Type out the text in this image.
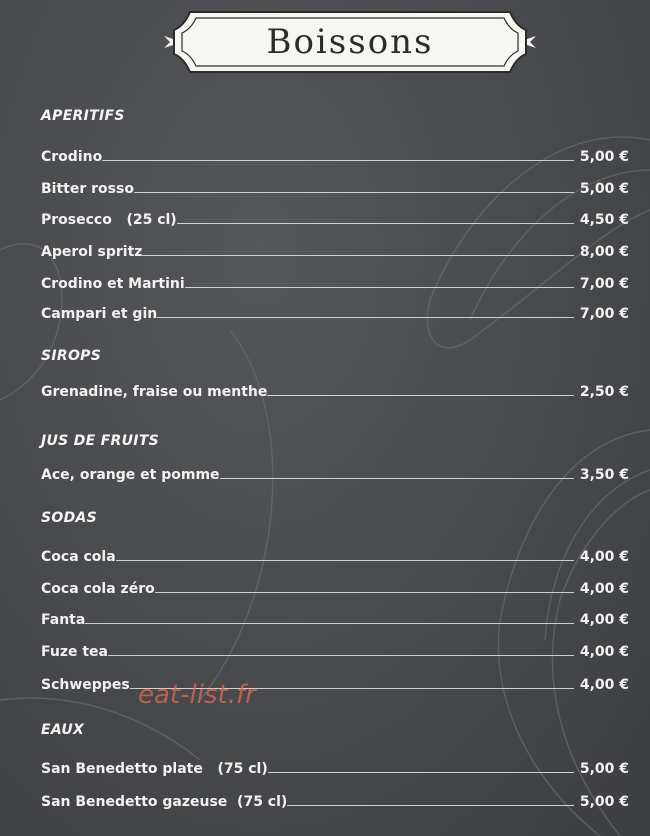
Boissons
APERITIFS
Crodino	5,00 €
Bitter rosso	5,00 €
Prosecco   (25 cl)	4,50 €
Aperol spritz	8,00 €
Crodino et Martini	7,00 €
Campari et gin	7,00 €
SIROPS
Grenadine, fraise ou menthe	2,50 €
JUS DE FRUITS
Ace, orange et pomme	3,50 €
SODAS
Coca cola	4,00 €
Coca cola zéro	4,00 €
Fanta	4,00 €
Fuze tea	4,00 €
Schweppes	4,00 €
EAUX
San Benedetto plate   (75 cl)	5,00 €
San Benedetto gazeuse  (75 cl)	5,00 €
eat-list.fr
